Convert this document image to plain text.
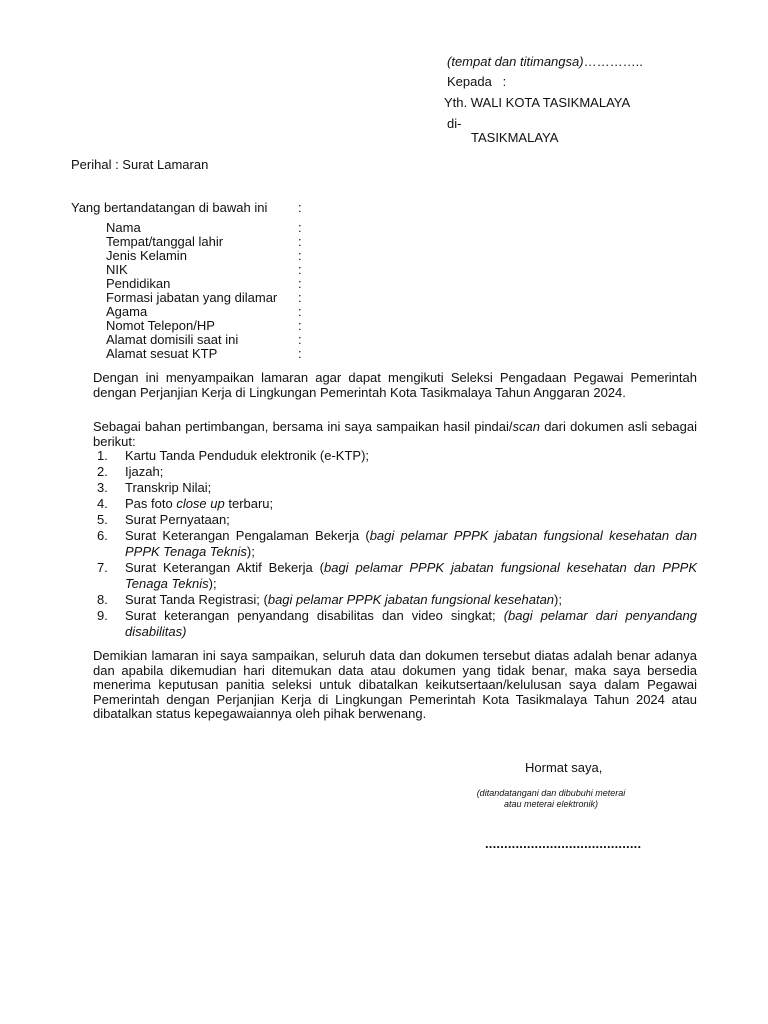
(tempat dan titimangsa)…………..
Kepada   :
Yth. WALI KOTA TASIKMALAYA
di-
TASIKMALAYA
Perihal : Surat Lamaran
Yang bertandatangan di bawah ini :
Nama	:
Tempat/tanggal lahir	:
Jenis Kelamin	:
NIK	:
Pendidikan	:
Formasi jabatan yang dilamar :
Agama	:
Nomot Telepon/HP	:
Alamat domisili saat ini	:
Alamat sesuat KTP	:
Dengan ini menyampaikan lamaran agar dapat mengikuti Seleksi Pengadaan Pegawai Pemerintah dengan Perjanjian Kerja di Lingkungan Pemerintah Kota Tasikmalaya Tahun Anggaran 2024.
Sebagai bahan pertimbangan, bersama ini saya sampaikan hasil pindai/scan dari dokumen asli sebagai berikut:
1. Kartu Tanda Penduduk elektronik (e-KTP);
2. Ijazah;
3. Transkrip Nilai;
4. Pas foto close up terbaru;
5. Surat Pernyataan;
6. Surat Keterangan Pengalaman Bekerja (bagi pelamar PPPK jabatan fungsional kesehatan dan PPPK Tenaga Teknis);
7. Surat Keterangan Aktif Bekerja (bagi pelamar PPPK jabatan fungsional kesehatan dan PPPK Tenaga Teknis);
8. Surat Tanda Registrasi; (bagi pelamar PPPK jabatan fungsional kesehatan);
9. Surat keterangan penyandang disabilitas dan video singkat; (bagi pelamar dari penyandang disabilitas)
Demikian lamaran ini saya sampaikan, seluruh data dan dokumen tersebut diatas adalah benar adanya dan apabila dikemudian hari ditemukan data atau dokumen yang tidak benar, maka saya bersedia menerima keputusan panitia seleksi untuk dibatalkan keikutsertaan/kelulusan saya dalam Pegawai Pemerintah dengan Perjanjian Kerja di Lingkungan Pemerintah Kota Tasikmalaya Tahun 2024 atau dibatalkan status kepegawaiannya oleh pihak berwenang.
Hormat saya,
(ditandatangani dan dibubuhi meterai
atau meterai elektronik)
.........................................
